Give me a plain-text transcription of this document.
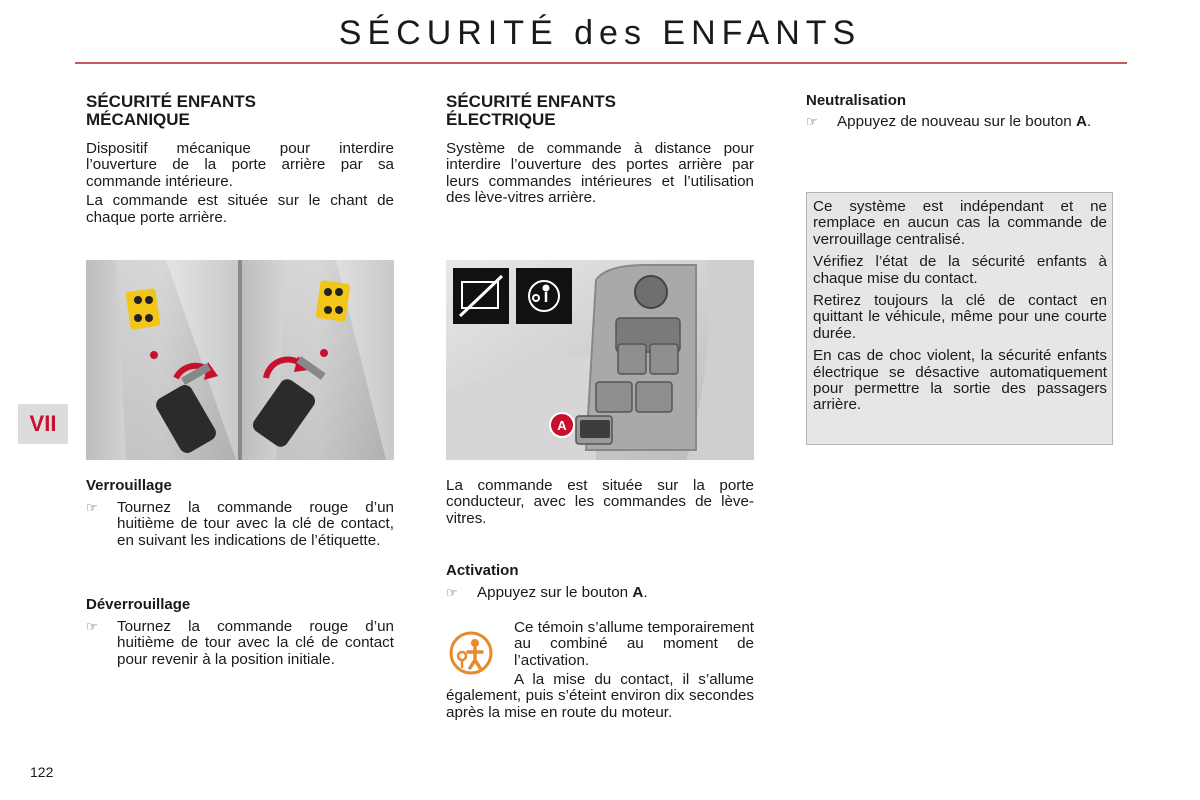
SÉCURITÉ des ENFANTS
VII
122
SÉCURITÉ ENFANTS
MÉCANIQUE
Dispositif mécanique pour interdire l’ouverture de la porte arrière par sa commande intérieure.
La commande est située sur le chant de chaque porte arrière.
Verrouillage
☞	Tournez la commande rouge d’un huitième de tour avec la clé de contact, en suivant les indications de l’étiquette.
Déverrouillage
☞	Tournez la commande rouge d’un huitième de tour avec la clé de contact pour revenir à la position initiale.
SÉCURITÉ ENFANTS
ÉLECTRIQUE
Système de commande à distance pour interdire l’ouverture des portes arrière par leurs commandes intérieures et l’utilisation des lève-vitres arrière.
A
La commande est située sur la porte conducteur, avec les commandes de lève-vitres.
Activation
☞	Appuyez sur le bouton A.
Ce témoin s’allume temporairement au combiné au moment de l’activation.
A la mise du contact, il s’allume également, puis s’éteint environ dix secondes après la mise en route du moteur.
Neutralisation
☞	Appuyez de nouveau sur le bouton A.
Ce système est indépendant et ne remplace en aucun cas la commande de verrouillage centralisé.
Vérifiez l’état de la sécurité enfants à chaque mise du contact.
Retirez toujours la clé de contact en quittant le véhicule, même pour une courte durée.
En cas de choc violent, la sécurité enfants électrique se désactive automatiquement pour permettre la sortie des passagers arrière.
